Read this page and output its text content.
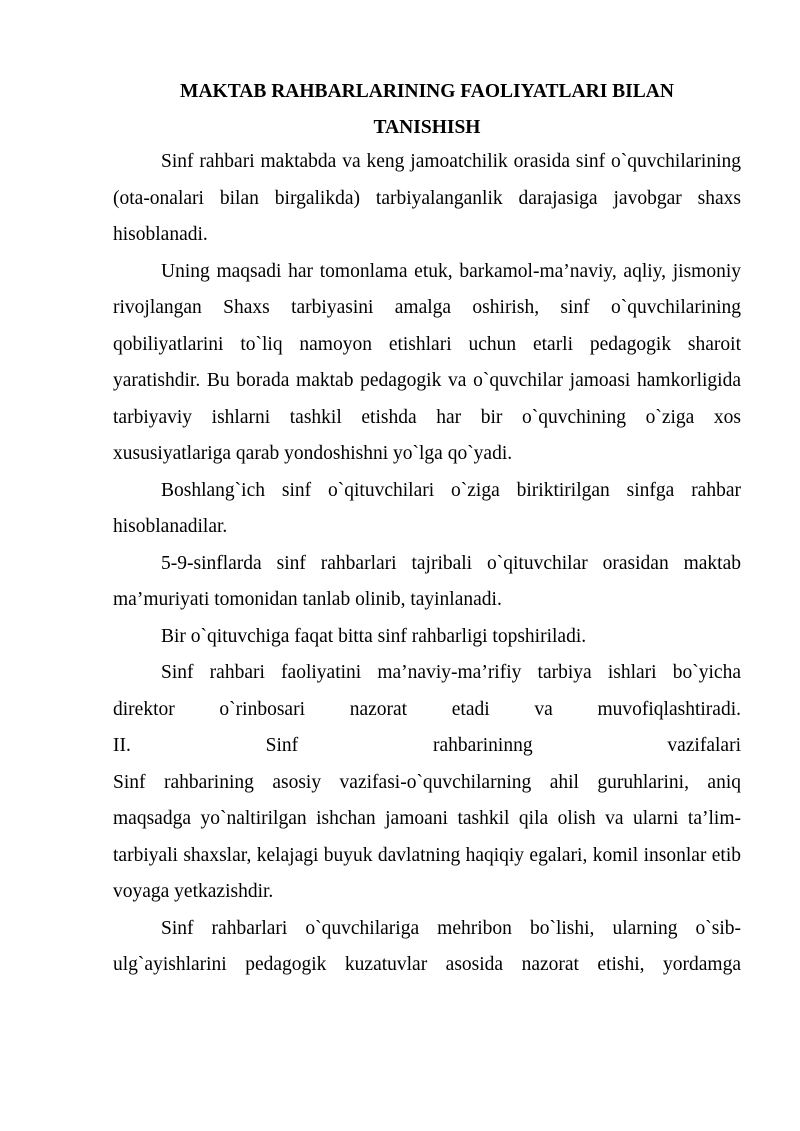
MAKTAB RAHBARLARINING FAOLIYATLARI BILAN
TANISHISH

Sinf rahbari maktabda va keng jamoatchilik orasida sinf o`quvchilarining (ota-onalari bilan birgalikda) tarbiyalanganlik darajasiga javobgar shaxs hisoblanadi.

Uning maqsadi har tomonlama etuk, barkamol-ma’naviy, aqliy, jismoniy rivojlangan Shaxs tarbiyasini amalga oshirish, sinf o`quvchilarining qobiliyatlarini to`liq namoyon etishlari uchun etarli pedagogik sharoit yaratishdir. Bu borada maktab pedagogik va o`quvchilar jamoasi hamkorligida tarbiyaviy ishlarni tashkil etishda har bir o`quvchining o`ziga xos xususiyatlariga qarab yondoshishni yo`lga qo`yadi.

Boshlang`ich sinf o`qituvchilari o`ziga biriktirilgan sinfga rahbar hisoblanadilar.

5-9-sinflarda sinf rahbarlari tajribali o`qituvchilar orasidan maktab ma’muriyati tomonidan tanlab olinib, tayinlanadi.

Bir o`qituvchiga faqat bitta sinf rahbarligi topshiriladi.

Sinf rahbari faoliyatini ma’naviy-ma’rifiy tarbiya ishlari bo`yicha
direktor o`rinbosari nazorat etadi va muvofiqlashtiradi.
II. Sinf rahbarininng vazifalari

Sinf rahbarining asosiy vazifasi-o`quvchilarning ahil guruhlarini, aniq maqsadga yo`naltirilgan ishchan jamoani tashkil qila olish va ularni ta’lim-tarbiyali shaxslar, kelajagi buyuk davlatning haqiqiy egalari, komil insonlar etib voyaga yetkazishdir.

Sinf rahbarlari o`quvchilariga mehribon bo`lishi, ularning o`sib-ulg`ayishlarini pedagogik kuzatuvlar asosida nazorat etishi, yordamga
